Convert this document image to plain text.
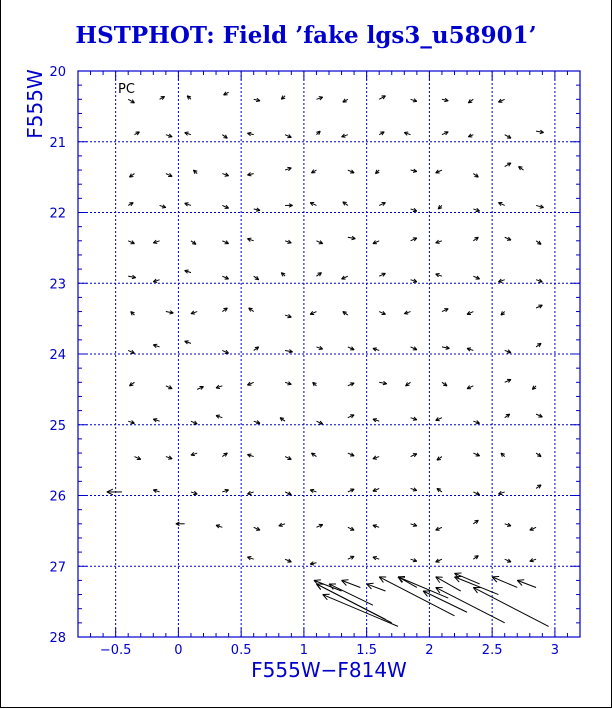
HSTPHOT: Field ’fake lgs3_u58901’
F555W−F814W
F555W	PC
−0.5	0	0.5	1	1.5	2	2.5	3
20
21
22
23
24
25
26
27
28
